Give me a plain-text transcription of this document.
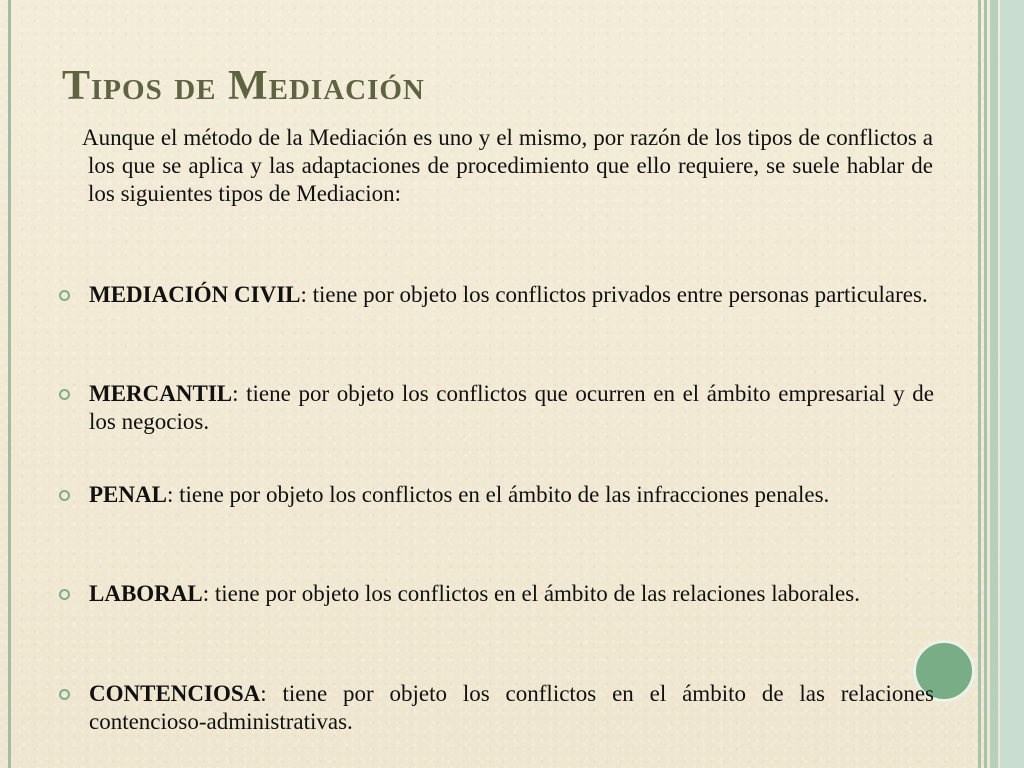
Tipos de Mediación

Aunque el método de la Mediación es uno y el mismo, por razón de los tipos de conflictos a los que se aplica y las adaptaciones de procedimiento que ello requiere, se suele hablar de los siguientes tipos de Mediacion:

MEDIACIÓN CIVIL: tiene por objeto los conflictos privados entre personas particulares.

MERCANTIL: tiene por objeto los conflictos que ocurren en el ámbito empresarial y de los negocios.

PENAL: tiene por objeto los conflictos en el ámbito de las infracciones penales.

LABORAL: tiene por objeto los conflictos en el ámbito de las relaciones laborales.

CONTENCIOSA: tiene por objeto los conflictos en el ámbito de las relaciones contencioso-administrativas.
